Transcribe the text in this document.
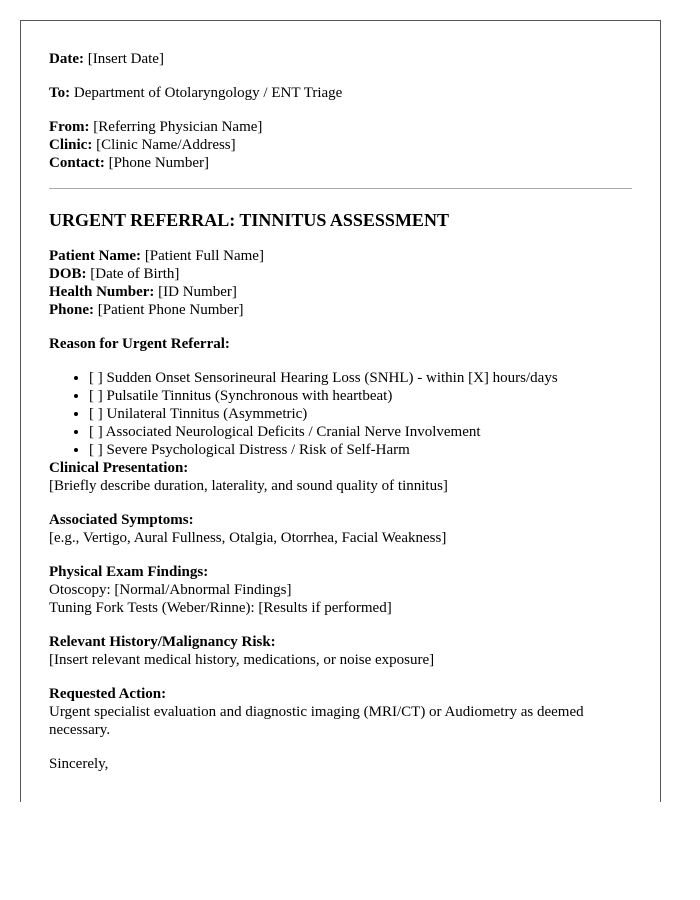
Date: [Insert Date]

To: Department of Otolaryngology / ENT Triage

From: [Referring Physician Name]

Clinic: [Clinic Name/Address]

Contact: [Phone Number]

URGENT REFERRAL: TINNITUS ASSESSMENT

Patient Name: [Patient Full Name]

DOB: [Date of Birth]

Health Number: [ID Number]

Phone: [Patient Phone Number]

Reason for Urgent Referral:

• [ ] Sudden Onset Sensorineural Hearing Loss (SNHL) - within [X] hours/days
• [ ] Pulsatile Tinnitus (Synchronous with heartbeat)
• [ ] Unilateral Tinnitus (Asymmetric)
• [ ] Associated Neurological Deficits / Cranial Nerve Involvement
• [ ] Severe Psychological Distress / Risk of Self-Harm

Clinical Presentation:

[Briefly describe duration, laterality, and sound quality of tinnitus]

Associated Symptoms:

[e.g., Vertigo, Aural Fullness, Otalgia, Otorrhea, Facial Weakness]

Physical Exam Findings:

Otoscopy: [Normal/Abnormal Findings]

Tuning Fork Tests (Weber/Rinne): [Results if performed]

Relevant History/Malignancy Risk:

[Insert relevant medical history, medications, or noise exposure]

Requested Action:

Urgent specialist evaluation and diagnostic imaging (MRI/CT) or Audiometry as deemed necessary.

Sincerely,
